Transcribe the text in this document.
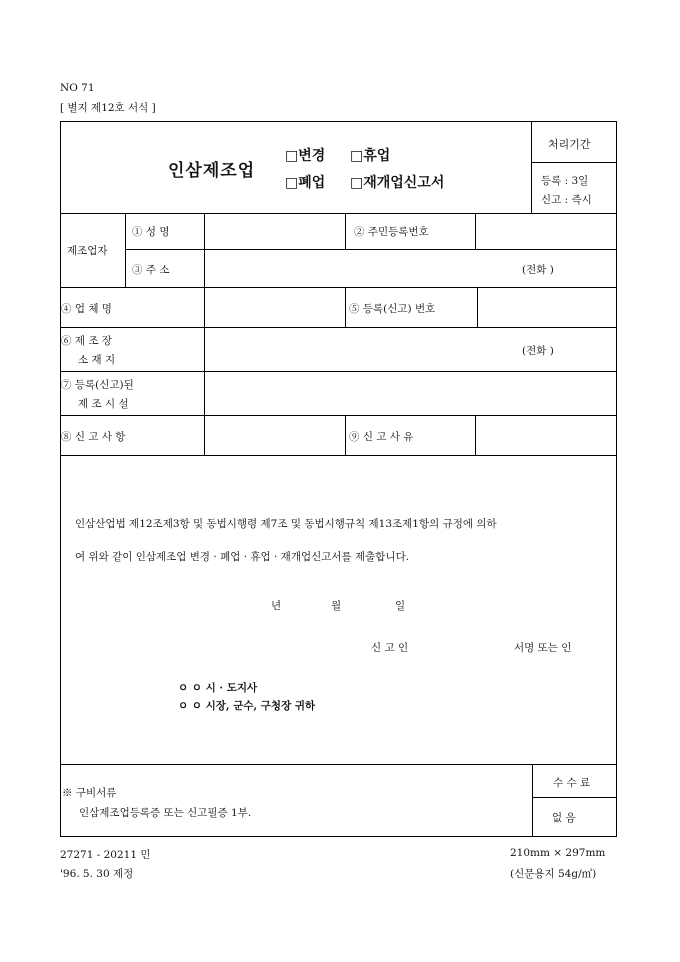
NO 71
[ 별지 제12호 서식 ]
인삼제조업
□변경 □휴업
□폐업 □재개업신고서
처리기간
등록 : 3일
신고 : 즉시
제조업자
① 성 명	② 주민등록번호
③ 주 소	(전화 )
④ 업 체 명	⑤ 등록(신고) 번호
⑥ 제 조 장
소 재 지
(전화 )
⑦ 등록(신고)된
제 조 시 설
⑧ 신 고 사 항	⑨ 신 고 사 유
인삼산업법 제12조제3항 및 동법시행령 제7조 및 동법시행규칙 제13조제1항의 규정에 의하
여 위와 같이 인삼제조업 변경 · 폐업 · 휴업 · 재개업신고서를 제출합니다.
년	월	일
신 고 인	서명 또는 인
ㅇ ㅇ 시 · 도지사
ㅇ ㅇ 시장, 군수, 구청장 귀하
※ 구비서류
인삼제조업등록증 또는 신고필증 1부.
수 수 료
없 음
27271 - 20211 민
'96. 5. 30 제정
210mm × 297mm
(신문용지 54g/㎡)
